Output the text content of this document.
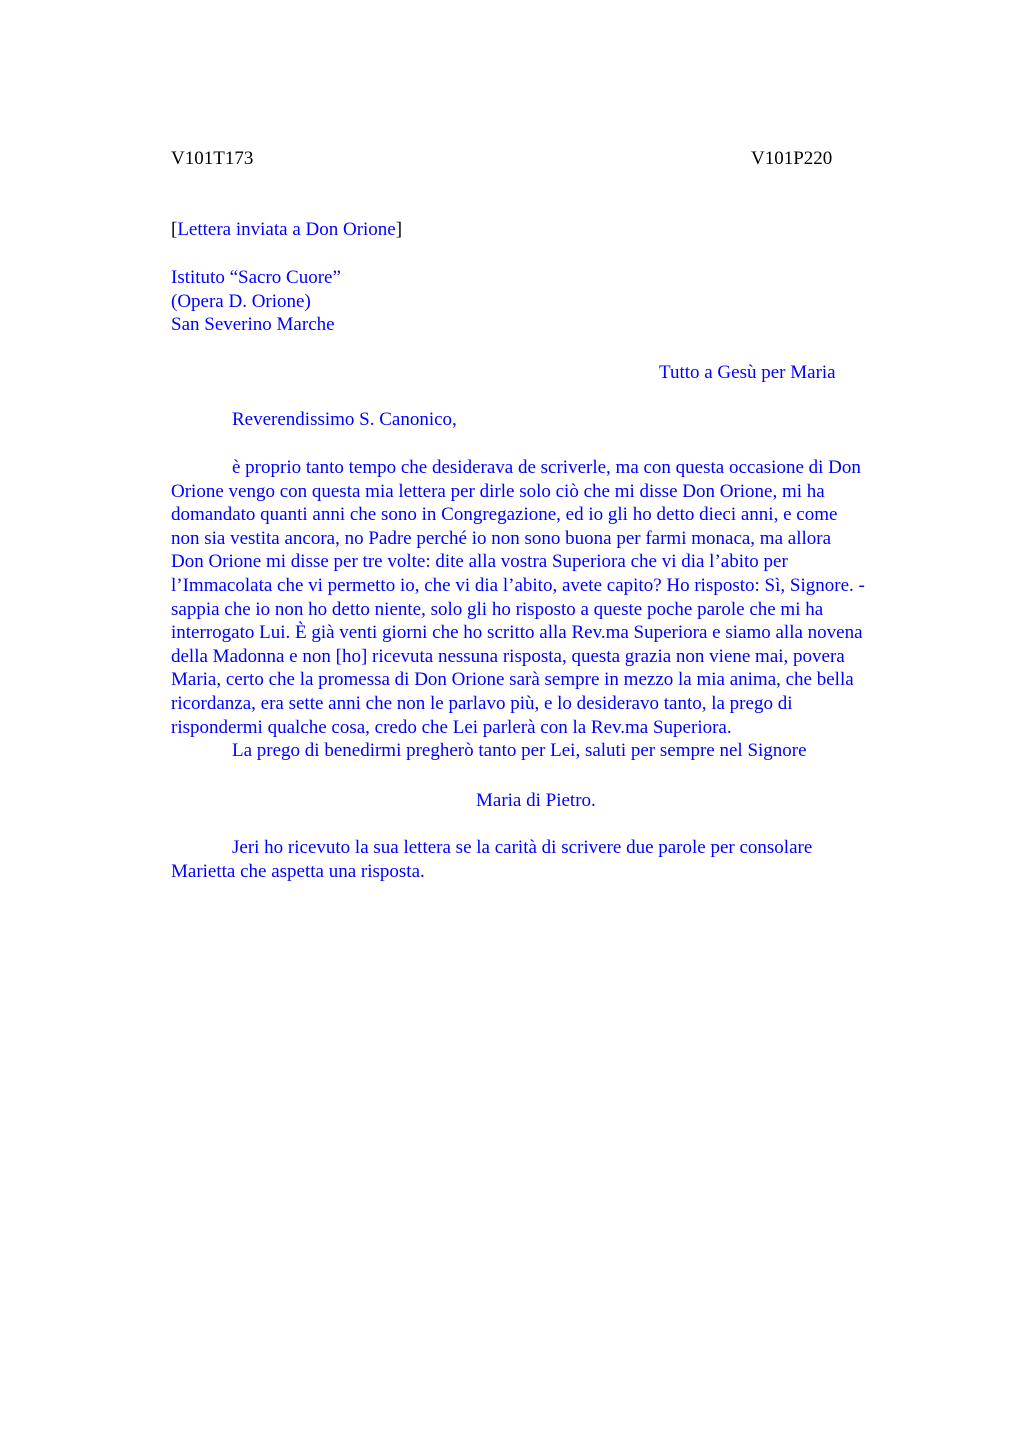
V101T173	V101P220

[Lettera inviata a Don Orione]

Istituto “Sacro Cuore”
(Opera D. Orione)
San Severino Marche

Tutto a Gesù per Maria

Reverendissimo S. Canonico,

è proprio tanto tempo che desiderava de scriverle, ma con questa occasione di Don
Orione vengo con questa mia lettera per dirle solo ciò che mi disse Don Orione, mi ha
domandato quanti anni che sono in Congregazione, ed io gli ho detto dieci anni, e come
non sia vestita ancora, no Padre perché io non sono buona per farmi monaca, ma allora
Don Orione mi disse per tre volte: dite alla vostra Superiora che vi dia l’abito per
l’Immacolata che vi permetto io, che vi dia l’abito, avete capito? Ho risposto: Sì, Signore. -
sappia che io non ho detto niente, solo gli ho risposto a queste poche parole che mi ha
interrogato Lui. È già venti giorni che ho scritto alla Rev.ma Superiora e siamo alla novena
della Madonna e non [ho] ricevuta nessuna risposta, questa grazia non viene mai, povera
Maria, certo che la promessa di Don Orione sarà sempre in mezzo la mia anima, che bella
ricordanza, era sette anni che non le parlavo più, e lo desideravo tanto, la prego di
rispondermi qualche cosa, credo che Lei parlerà con la Rev.ma Superiora.
La prego di benedirmi pregherò tanto per Lei, saluti per sempre nel Signore

Maria di Pietro.

Jeri ho ricevuto la sua lettera se la carità di scrivere due parole per consolare
Marietta che aspetta una risposta.
